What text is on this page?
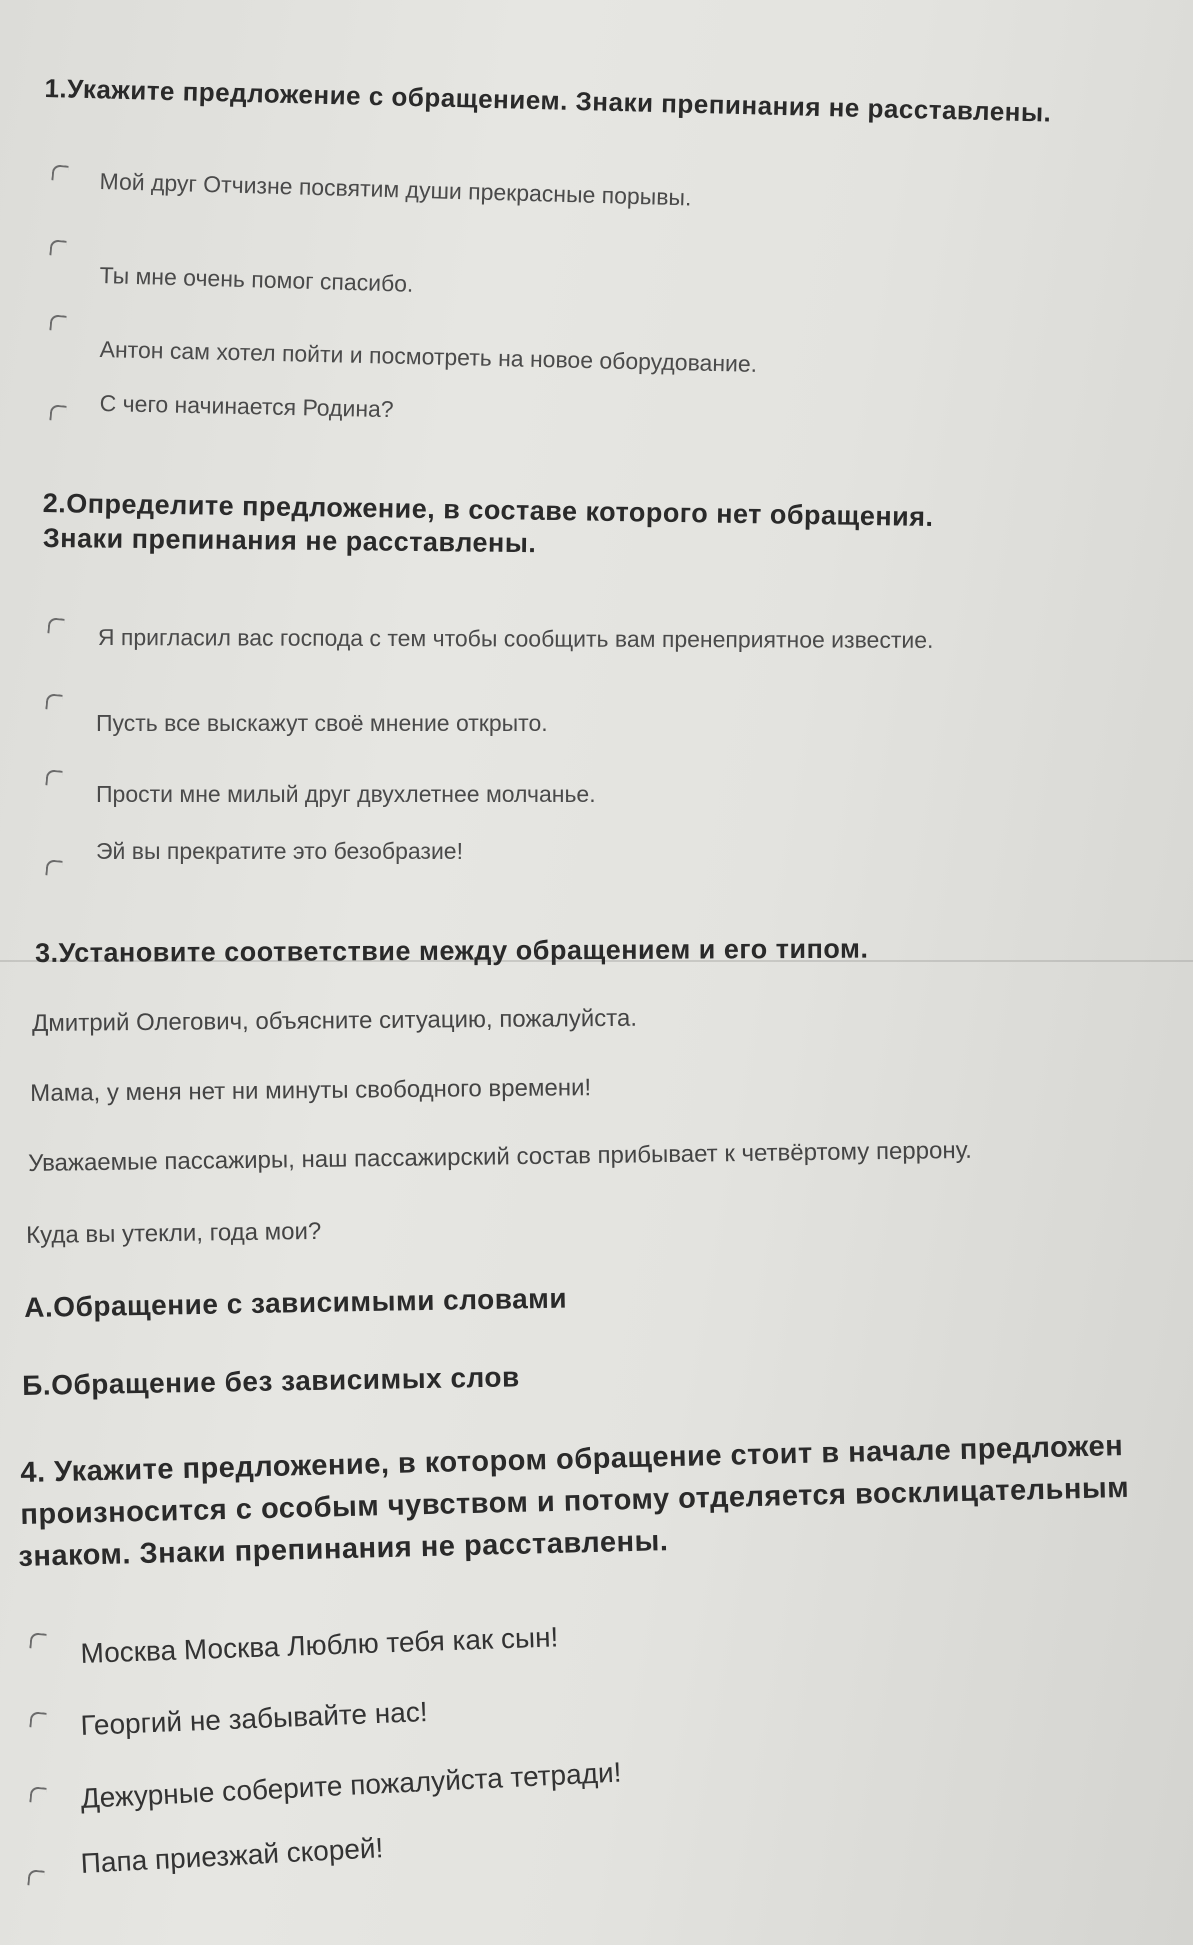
1.Укажите предложение с обращением. Знаки препинания не расставлены.
Мой друг Отчизне посвятим души прекрасные порывы.
Ты мне очень помог спасибо.
Антон сам хотел пойти и посмотреть на новое оборудование.
С чего начинается Родина?
2.Определите предложение, в составе которого нет обращения.
Знаки препинания не расставлены.
Я пригласил вас господа с тем чтобы сообщить вам пренеприятное известие.
Пусть все выскажут своё мнение открыто.
Прости мне милый друг двухлетнее молчанье.
Эй вы прекратите это безобразие!
3.Установите соответствие между обращением и его типом.
Дмитрий Олегович, объясните ситуацию, пожалуйста.
Мама, у меня нет ни минуты свободного времени!
Уважаемые пассажиры, наш пассажирский состав прибывает к четвёртому перрону.
Куда вы утекли, года мои?
А.Обращение с зависимыми словами
Б.Обращение без зависимых слов
4. Укажите предложение, в котором обращение стоит в начале предложен
произносится с особым чувством и потому отделяется восклицательным
знаком. Знаки препинания не расставлены.
Москва Москва Люблю тебя как сын!
Георгий не забывайте нас!
Дежурные соберите пожалуйста тетради!
Папа приезжай скорей!
